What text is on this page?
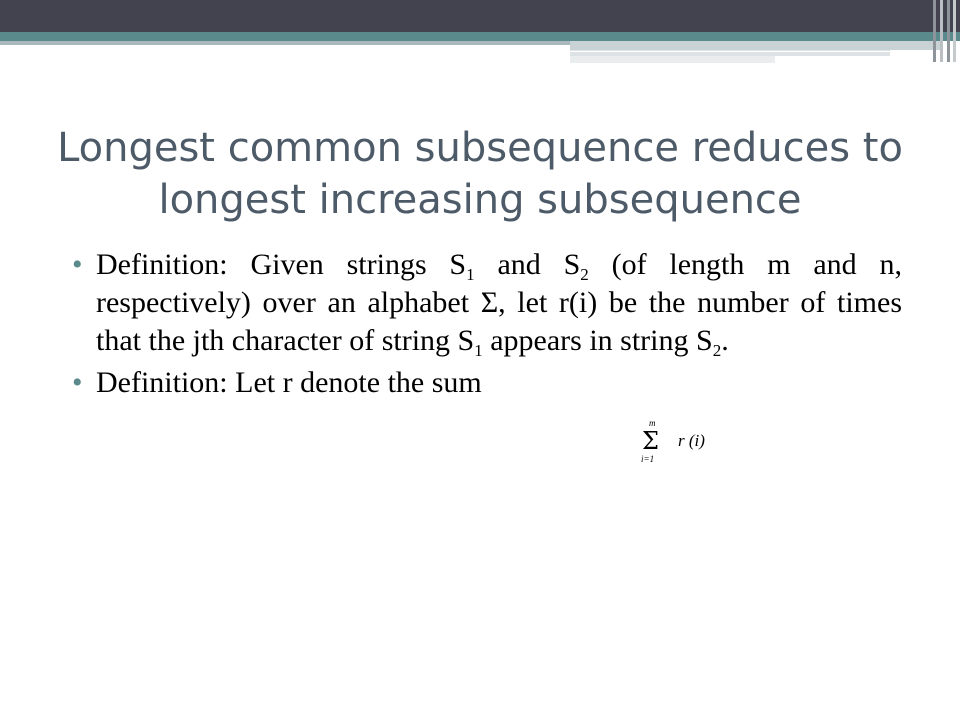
Longest common subsequence reduces to longest increasing subsequence
• Definition: Given strings $S_1$ and $S_2$ (of length m and n, respectively) over an alphabet Σ, let r(i) be the number of times that the jth character of string $S_1$ appears in string $S_2$.
• Definition: Let r denote the sum
m
Σ
i=1
r (i)
